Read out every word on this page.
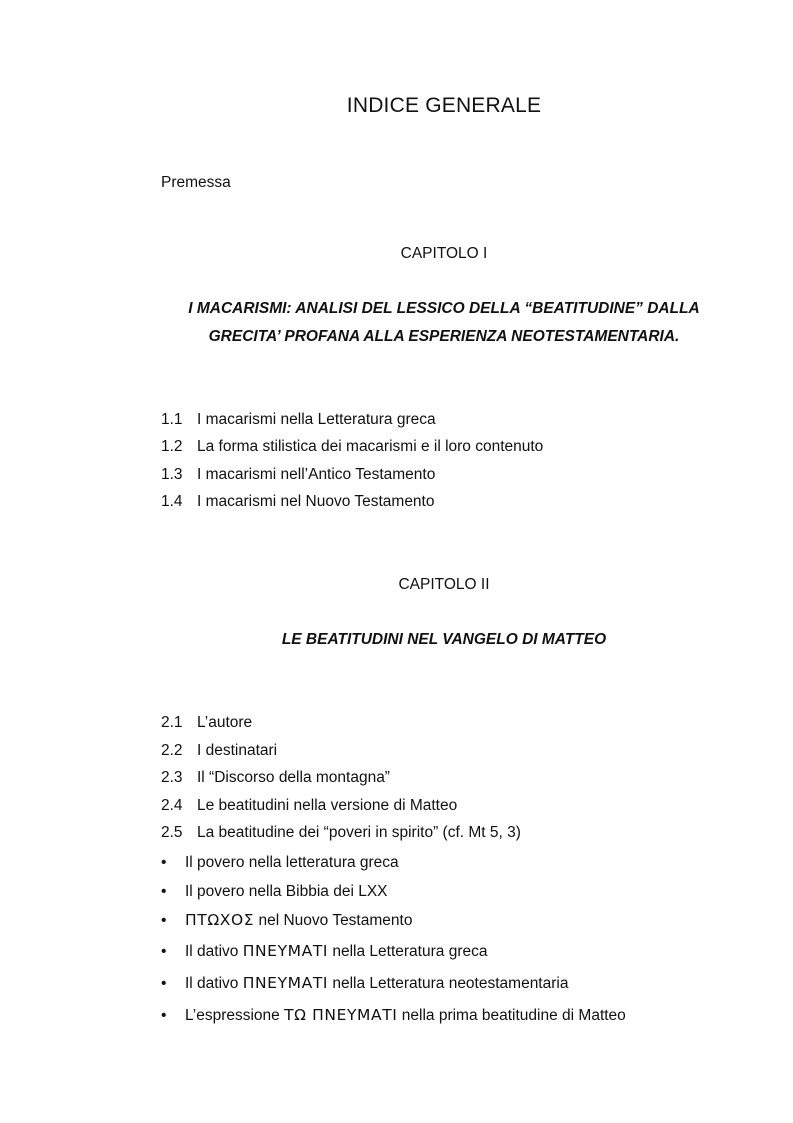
INDICE GENERALE
Premessa
CAPITOLO I
I MACARISMI: ANALISI DEL LESSICO DELLA “BEATITUDINE” DALLA
GRECITA’ PROFANA ALLA ESPERIENZA NEOTESTAMENTARIA.
1.1 I macarismi nella Letteratura greca
1.2 La forma stilistica dei macarismi e il loro contenuto
1.3 I macarismi nell’Antico Testamento
1.4 I macarismi nel Nuovo Testamento
CAPITOLO II
LE BEATITUDINI NEL VANGELO DI MATTEO
2.1 L’autore
2.2 I destinatari
2.3 Il “Discorso della montagna”
2.4 Le beatitudini nella versione di Matteo
2.5 La beatitudine dei “poveri in spirito” (cf. Mt 5, 3)
• Il povero nella letteratura greca
• Il povero nella Bibbia dei LXX
• ΠΤΩΧΟΣ nel Nuovo Testamento
• Il dativo ΠΝΕΥΜΑΤΙ nella Letteratura greca
• Il dativo ΠΝΕΥΜΑΤΙ nella Letteratura neotestamentaria
• L’espressione ΤΩ ΠΝΕΥΜΑΤΙ nella prima beatitudine di Matteo
